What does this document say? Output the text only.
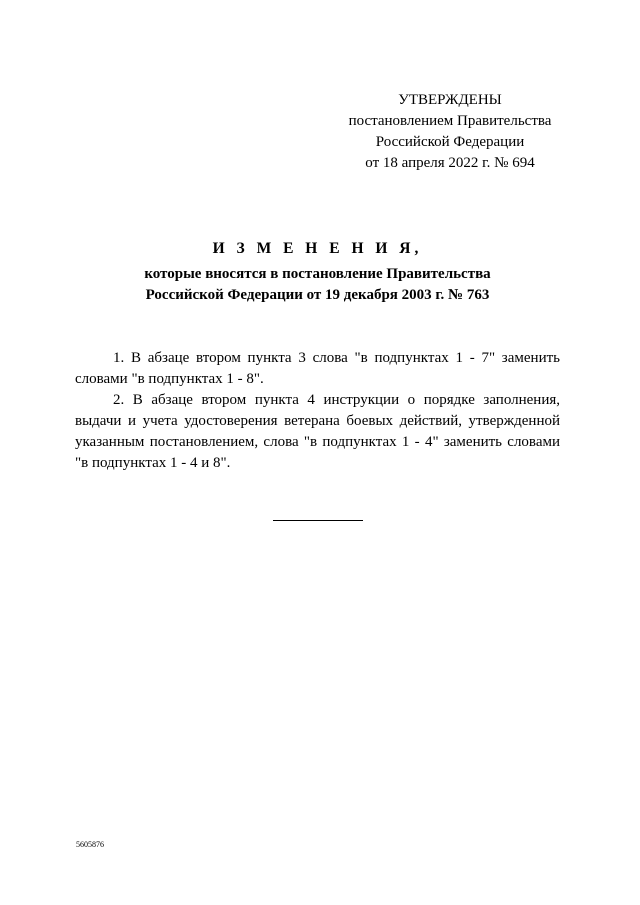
УТВЕРЖДЕНЫ
постановлением Правительства
Российской Федерации
от 18 апреля 2022 г. № 694
И З М Е Н Е Н И Я,
которые вносятся в постановление Правительства
Российской Федерации от 19 декабря 2003 г. № 763

1. В абзаце втором пункта 3 слова "в подпунктах 1 - 7" заменить словами "в подпунктах 1 - 8".

2. В абзаце втором пункта 4 инструкции о порядке заполнения, выдачи и учета удостоверения ветерана боевых действий, утвержденной указанным постановлением, слова "в подпунктах 1 - 4" заменить словами "в подпунктах 1 - 4 и 8".

5605876
